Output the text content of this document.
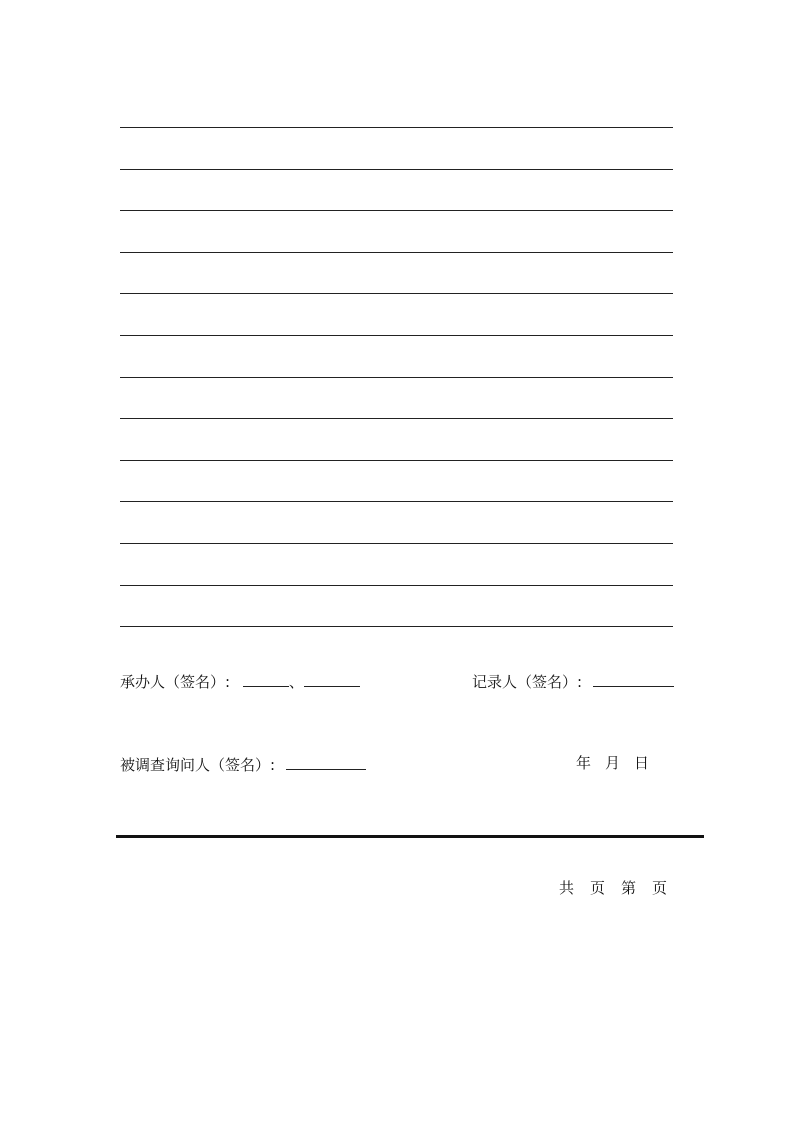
承办人（签名）:	、	记录人（签名）:
被调查询问人（签名）:	年 月 日
共 页 第 页
